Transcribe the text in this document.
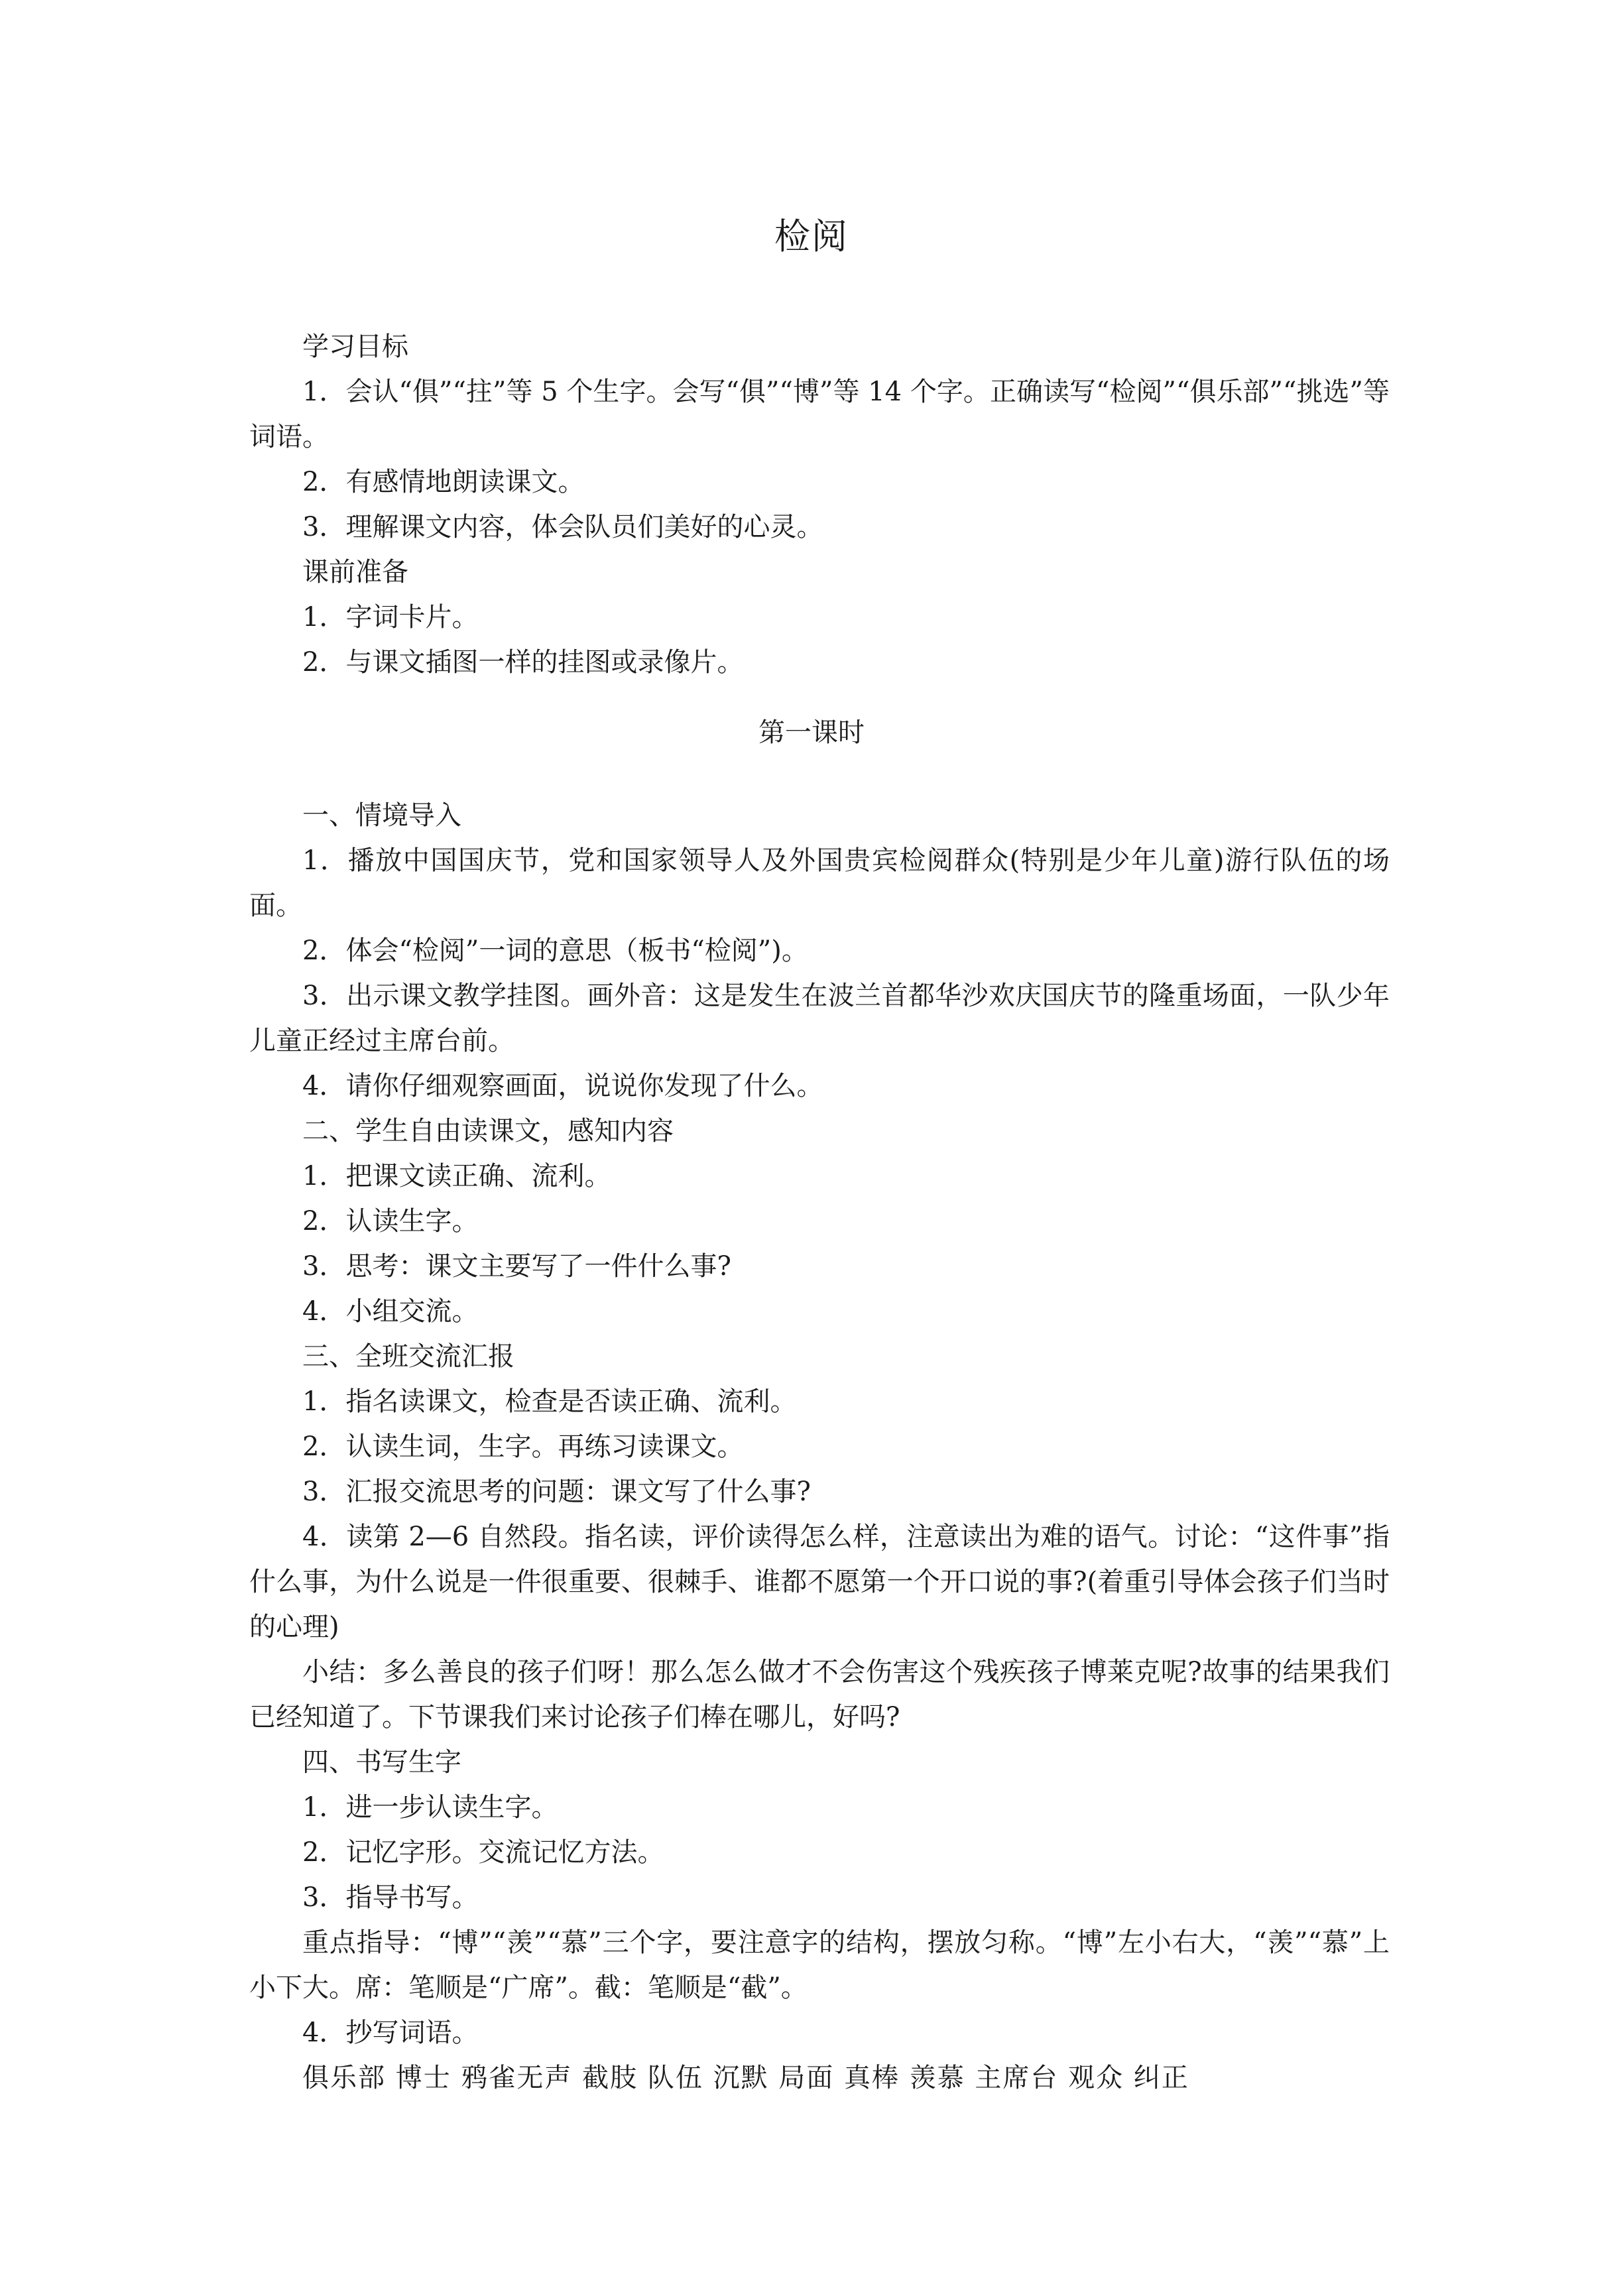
检阅

学习目标

1．会认“俱”“拄”等 5 个生字。会写“俱”“博”等 14 个字。正确读写“检阅”“俱乐部”“挑选”等词语。

2．有感情地朗读课文。

3．理解课文内容，体会队员们美好的心灵。

课前准备

1．字词卡片。

2．与课文插图一样的挂图或录像片。

第一课时

一、情境导入

1．播放中国国庆节，党和国家领导人及外国贵宾检阅群众(特别是少年儿童)游行队伍的场面。

2．体会“检阅”一词的意思（板书“检阅”)。

3．出示课文教学挂图。画外音：这是发生在波兰首都华沙欢庆国庆节的隆重场面，一队少年儿童正经过主席台前。

4．请你仔细观察画面，说说你发现了什么。

二、学生自由读课文，感知内容

1．把课文读正确、流利。

2．认读生字。

3．思考：课文主要写了一件什么事?

4．小组交流。

三、全班交流汇报

1．指名读课文，检查是否读正确、流利。

2．认读生词，生字。再练习读课文。

3．汇报交流思考的问题：课文写了什么事?

4．读第 2—6 自然段。指名读，评价读得怎么样，注意读出为难的语气。讨论：“这件事”指什么事，为什么说是一件很重要、很棘手、谁都不愿第一个开口说的事?(着重引导体会孩子们当时的心理)

小结：多么善良的孩子们呀！那么怎么做才不会伤害这个残疾孩子博莱克呢?故事的结果我们已经知道了。下节课我们来讨论孩子们棒在哪儿，好吗?

四、书写生字

1．进一步认读生字。

2．记忆字形。交流记忆方法。

3．指导书写。

重点指导：“博”“羡”“慕”三个字，要注意字的结构，摆放匀称。“博”左小右大，“羡”“慕”上小下大。席：笔顺是“广席”。截：笔顺是“截”。

4．抄写词语。

俱乐部 博士 鸦雀无声 截肢 队伍 沉默 局面 真棒 羡慕 主席台 观众 纠正
